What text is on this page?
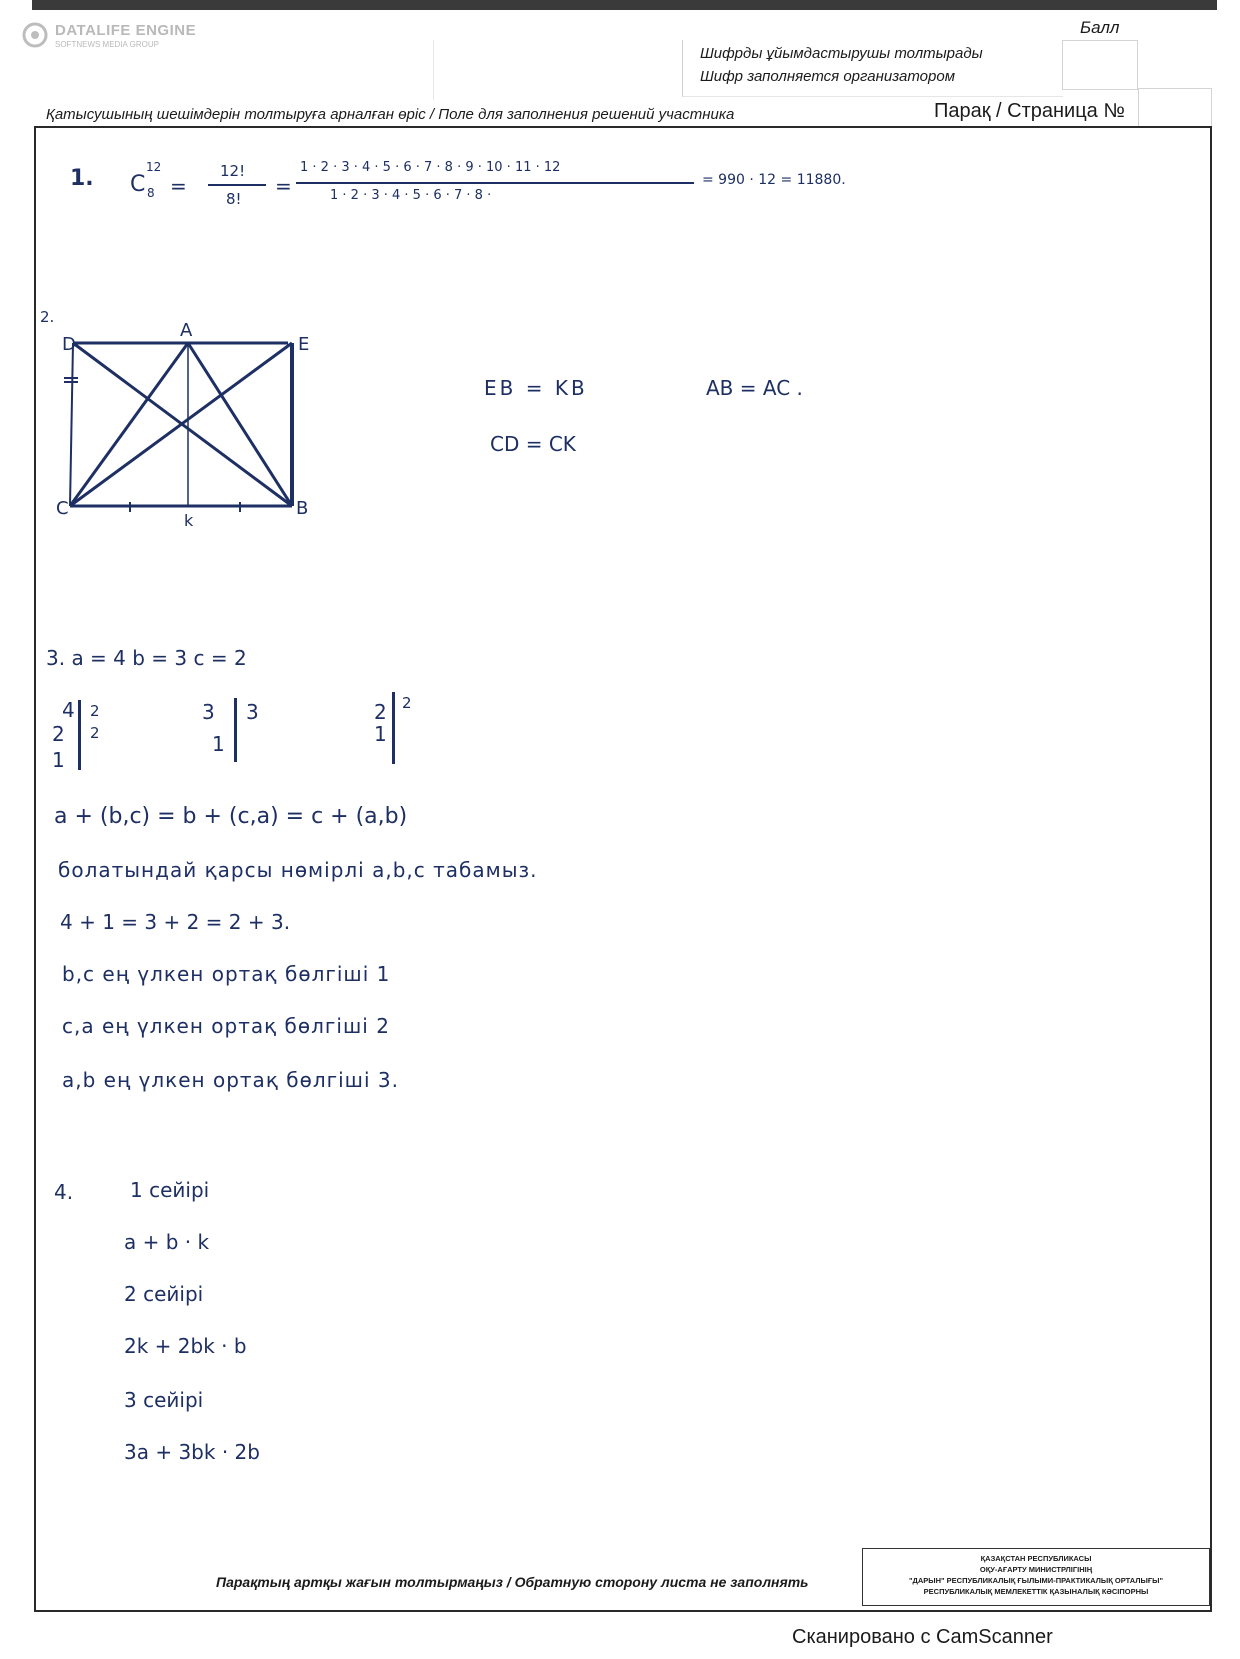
DATALIFE ENGINE
SOFTNEWS MEDIA GROUP
Балл
Шифрды ұйымдастырушы толтырады
Шифр заполняется организатором
Қатысушының шешімдерін толтыруға арналған өріс / Поле для заполнения решений участника	Парақ / Страница №
1. C
12
8 =
12!
8!
=
1 · 2 · 3 · 4 · 5 · 6 · 7 · 8 · 9 · 10 · 11 · 12
1 · 2 · 3 · 4 · 5 · 6 · 7 · 8 ·
= 990 · 12 = 11880.
2.
D
A
E
C
k
B
EB = KB	AB = AC .
CD = CK
3. a = 4 b = 3 c = 2
4
2
1
2
2
3
1
3	2
1
2
a + (b,c) = b + (c,a) = c + (a,b)
болатындай қарсы нөмірлі a,b,c табамыз.
4 + 1 = 3 + 2 = 2 + 3.
b,c ең үлкен ортақ бөлгіші 1
c,a ең үлкен ортақ бөлгіші 2
a,b ең үлкен ортақ бөлгіші 3.
4.	1 сейірі
a + b · k
2 сейірі
2k + 2bk · b
3 сейірі
3a + 3bk · 2b
ҚАЗАҚСТАН РЕСПУБЛИКАСЫ
ОҚУ-АҒАРТУ МИНИСТРЛІГІНІҢ
"ДАРЫН" РЕСПУБЛИКАЛЫҚ ҒЫЛЫМИ-ПРАКТИКАЛЫҚ ОРТАЛЫҒЫ"
РЕСПУБЛИКАЛЫҚ МЕМЛЕКЕТТІК ҚАЗЫНАЛЫҚ КӘСІПОРНЫ
Парақтың артқы жағын толтырмаңыз / Обратную сторону листа не заполнять
Сканировано с CamScanner
